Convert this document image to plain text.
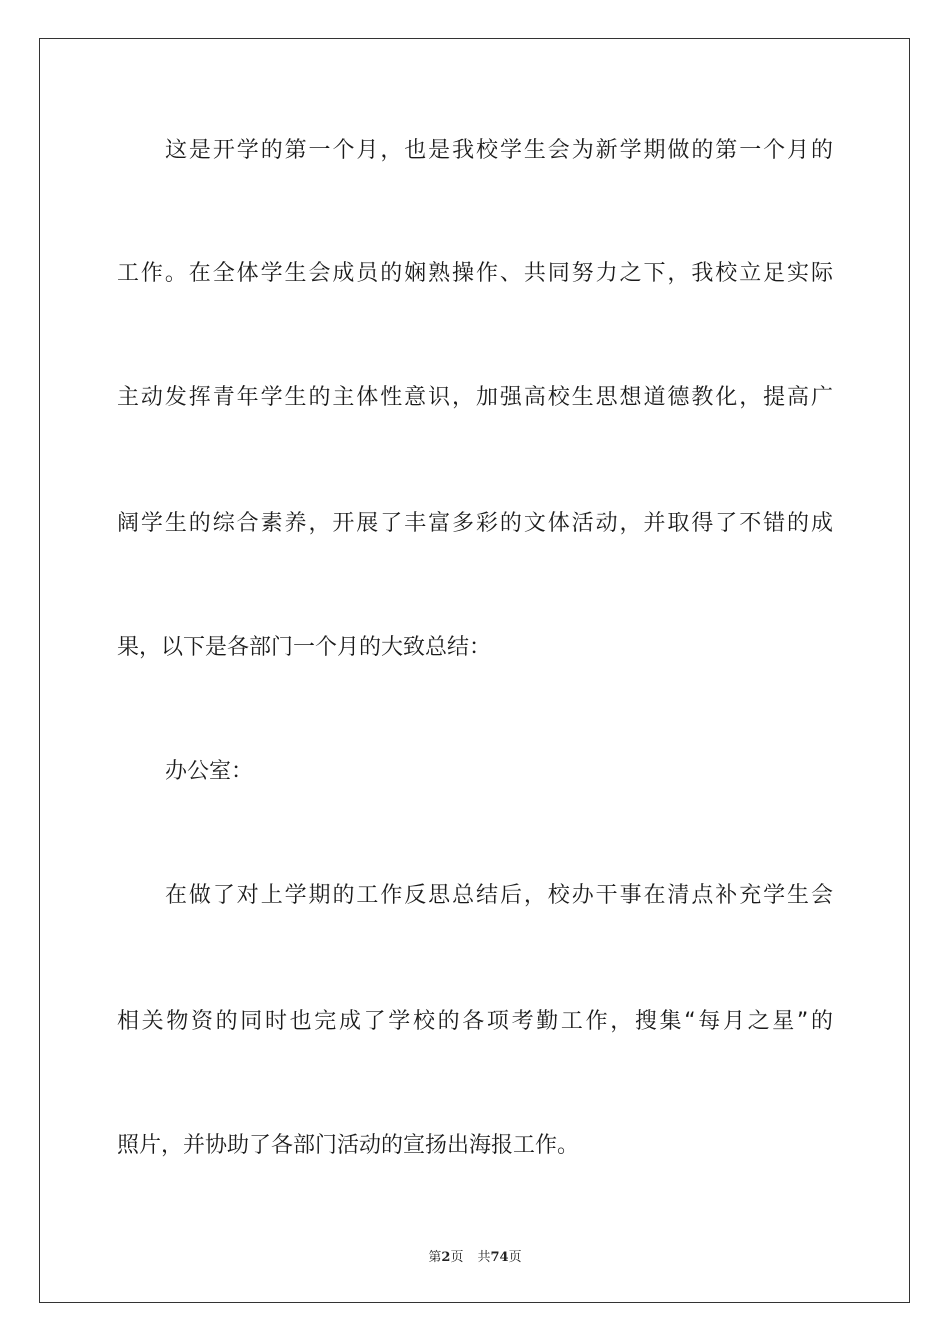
这是开学的第一个月，也是我校学生会为新学期做的第一个月的
工作。在全体学生会成员的娴熟操作、共同努力之下，我校立足实际
主动发挥青年学生的主体性意识，加强高校生思想道德教化，提高广
阔学生的综合素养，开展了丰富多彩的文体活动，并取得了不错的成
果，以下是各部门一个月的大致总结：
办公室：
在做了对上学期的工作反思总结后，校办干事在清点补充学生会
相关物资的同时也完成了学校的各项考勤工作，搜集“每月之星”的
照片，并协助了各部门活动的宣扬出海报工作。
第2页 共74页
